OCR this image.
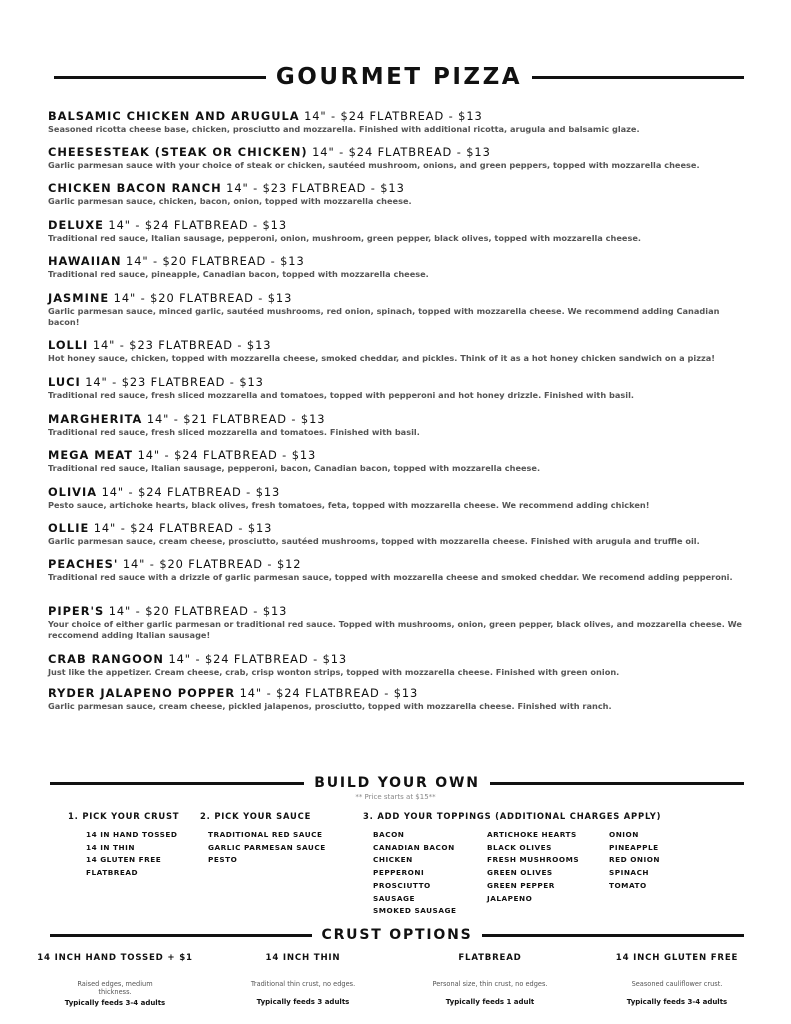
GOURMET PIZZA
BALSAMIC CHICKEN AND ARUGULA 14" - $24 FLATBREAD - $13
Seasoned ricotta cheese base, chicken, prosciutto and mozzarella. Finished with additional ricotta, arugula and balsamic glaze.
CHEESESTEAK (STEAK OR CHICKEN) 14" - $24 FLATBREAD - $13
Garlic parmesan sauce with your choice of steak or chicken, sautéed mushroom, onions, and green peppers, topped with mozzarella cheese.
CHICKEN BACON RANCH 14" - $23 FLATBREAD - $13
Garlic parmesan sauce, chicken, bacon, onion, topped with mozzarella cheese.
DELUXE 14" - $24 FLATBREAD - $13
Traditional red sauce, Italian sausage, pepperoni, onion, mushroom, green pepper, black olives, topped with mozzarella cheese.
HAWAIIAN 14" - $20 FLATBREAD - $13
Traditional red sauce, pineapple, Canadian bacon, topped with mozzarella cheese.
JASMINE 14" - $20 FLATBREAD - $13
Garlic parmesan sauce, minced garlic, sautéed mushrooms, red onion, spinach, topped with mozzarella cheese. We recommend adding Canadian bacon!
LOLLI 14" - $23 FLATBREAD - $13
Hot honey sauce, chicken, topped with mozzarella cheese, smoked cheddar, and pickles. Think of it as a hot honey chicken sandwich on a pizza!
LUCI 14" - $23 FLATBREAD - $13
Traditional red sauce, fresh sliced mozzarella and tomatoes, topped with pepperoni and hot honey drizzle. Finished with basil.
MARGHERITA 14" - $21 FLATBREAD - $13
Traditional red sauce, fresh sliced mozzarella and tomatoes. Finished with basil.
MEGA MEAT 14" - $24 FLATBREAD - $13
Traditional red sauce, Italian sausage, pepperoni, bacon, Canadian bacon, topped with mozzarella cheese.
OLIVIA 14" - $24 FLATBREAD - $13
Pesto sauce, artichoke hearts, black olives, fresh tomatoes, feta, topped with mozzarella cheese. We recommend adding chicken!
OLLIE 14" - $24 FLATBREAD - $13
Garlic parmesan sauce, cream cheese, prosciutto, sautéed mushrooms, topped with mozzarella cheese. Finished with arugula and truffle oil.
PEACHES' 14" - $20 FLATBREAD - $12
Traditional red sauce with a drizzle of garlic parmesan sauce, topped with mozzarella cheese and smoked cheddar. We recomend adding pepperoni.
PIPER'S 14" - $20 FLATBREAD - $13
Your choice of either garlic parmesan or traditional red sauce. Topped with mushrooms, onion, green pepper, black olives, and mozzarella cheese. We reccomend adding Italian sausage!
CRAB RANGOON 14" - $24 FLATBREAD - $13
Just like the appetizer. Cream cheese, crab, crisp wonton strips, topped with mozzarella cheese. Finished with green onion.
RYDER JALAPENO POPPER 14" - $24 FLATBREAD - $13
Garlic parmesan sauce, cream cheese, pickled jalapenos, prosciutto, topped with mozzarella cheese. Finished with ranch.
BUILD YOUR OWN
** Price starts at $15**
1. PICK YOUR CRUST 2. PICK YOUR SAUCE	3. ADD YOUR TOPPINGS (ADDITIONAL CHARGES APPLY)
14 IN HAND TOSSED
14 IN THIN
14 GLUTEN FREE
FLATBREAD
TRADITIONAL RED SAUCE
GARLIC PARMESAN SAUCE
PESTO
BACON
CANADIAN BACON
CHICKEN
PEPPERONI
PROSCIUTTO
SAUSAGE
SMOKED SAUSAGE
ARTICHOKE HEARTS
BLACK OLIVES
FRESH MUSHROOMS
GREEN OLIVES
GREEN PEPPER
JALAPENO
ONION
PINEAPPLE
RED ONION
SPINACH
TOMATO
CRUST OPTIONS
14 INCH HAND TOSSED + $1
Raised edges, medium thickness.
Typically feeds 3-4 adults
14 INCH THIN
Traditional thin crust, no edges.
Typically feeds 3 adults
FLATBREAD
Personal size, thin crust, no edges.
Typically feeds 1 adult
14 INCH GLUTEN FREE
Seasoned cauliflower crust.
Typically feeds 3-4 adults
